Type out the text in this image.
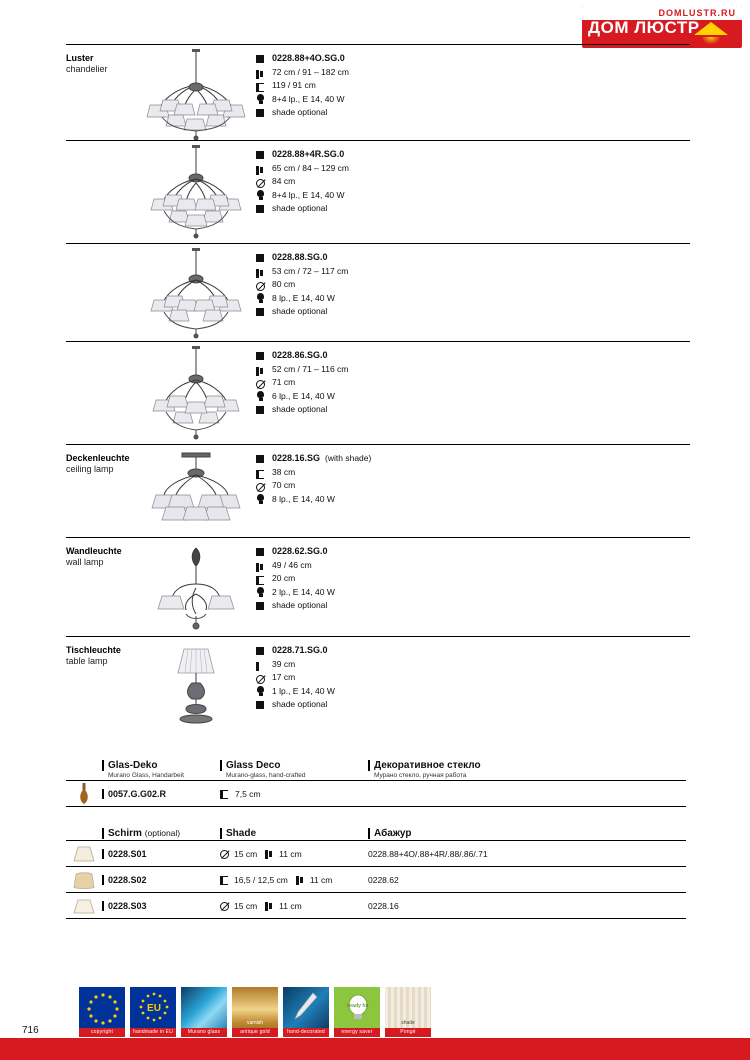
DOMLUSTR.RU
ДОМ ЛЮСТР
Luster
chandelier
0228.88+4O.SG.0
72 cm / 91 – 182 cm
119 / 91 cm
8+4 lp., E 14, 40 W
shade optional
0228.88+4R.SG.0
65 cm / 84 – 129 cm
84 cm
8+4 lp., E 14, 40 W
shade optional
0228.88.SG.0
53 cm / 72 – 117 cm
80 cm
8 lp., E 14, 40 W
shade optional
0228.86.SG.0
52 cm / 71 – 116 cm
71 cm
6 lp., E 14, 40 W
shade optional
Deckenleuchte
ceiling lamp
0228.16.SG (with shade)
38 cm
70 cm
8 lp., E 14, 40 W
Wandleuchte
wall lamp
0228.62.SG.0
49 / 46 cm
20 cm
2 lp., E 14, 40 W
shade optional
Tischleuchte
table lamp
0228.71.SG.0
39 cm
17 cm
1 lp., E 14, 40 W
shade optional
Glas-Deko
Murano Glass, Handarbeit
Glass Deco
Murano-glass, hand-crafted
Декоративное стекло
Мурано стекло, ручная работа
0057.G.G02.R	7,5 cm
Schirm (optional)	Shade	Абажур
0228.S01	15 cm	11 cm	0228.88+4O/.88+4R/.88/.86/.71
0228.S02	16,5 / 12,5 cm	11 cm	0228.62
0228.S03	15 cm	11 cm	0228.16
copyright
EU
handmade in EU	Murano glass
varnish
antique gold	hand-decorated
ready for
energy saver
shade
Pongé
716
